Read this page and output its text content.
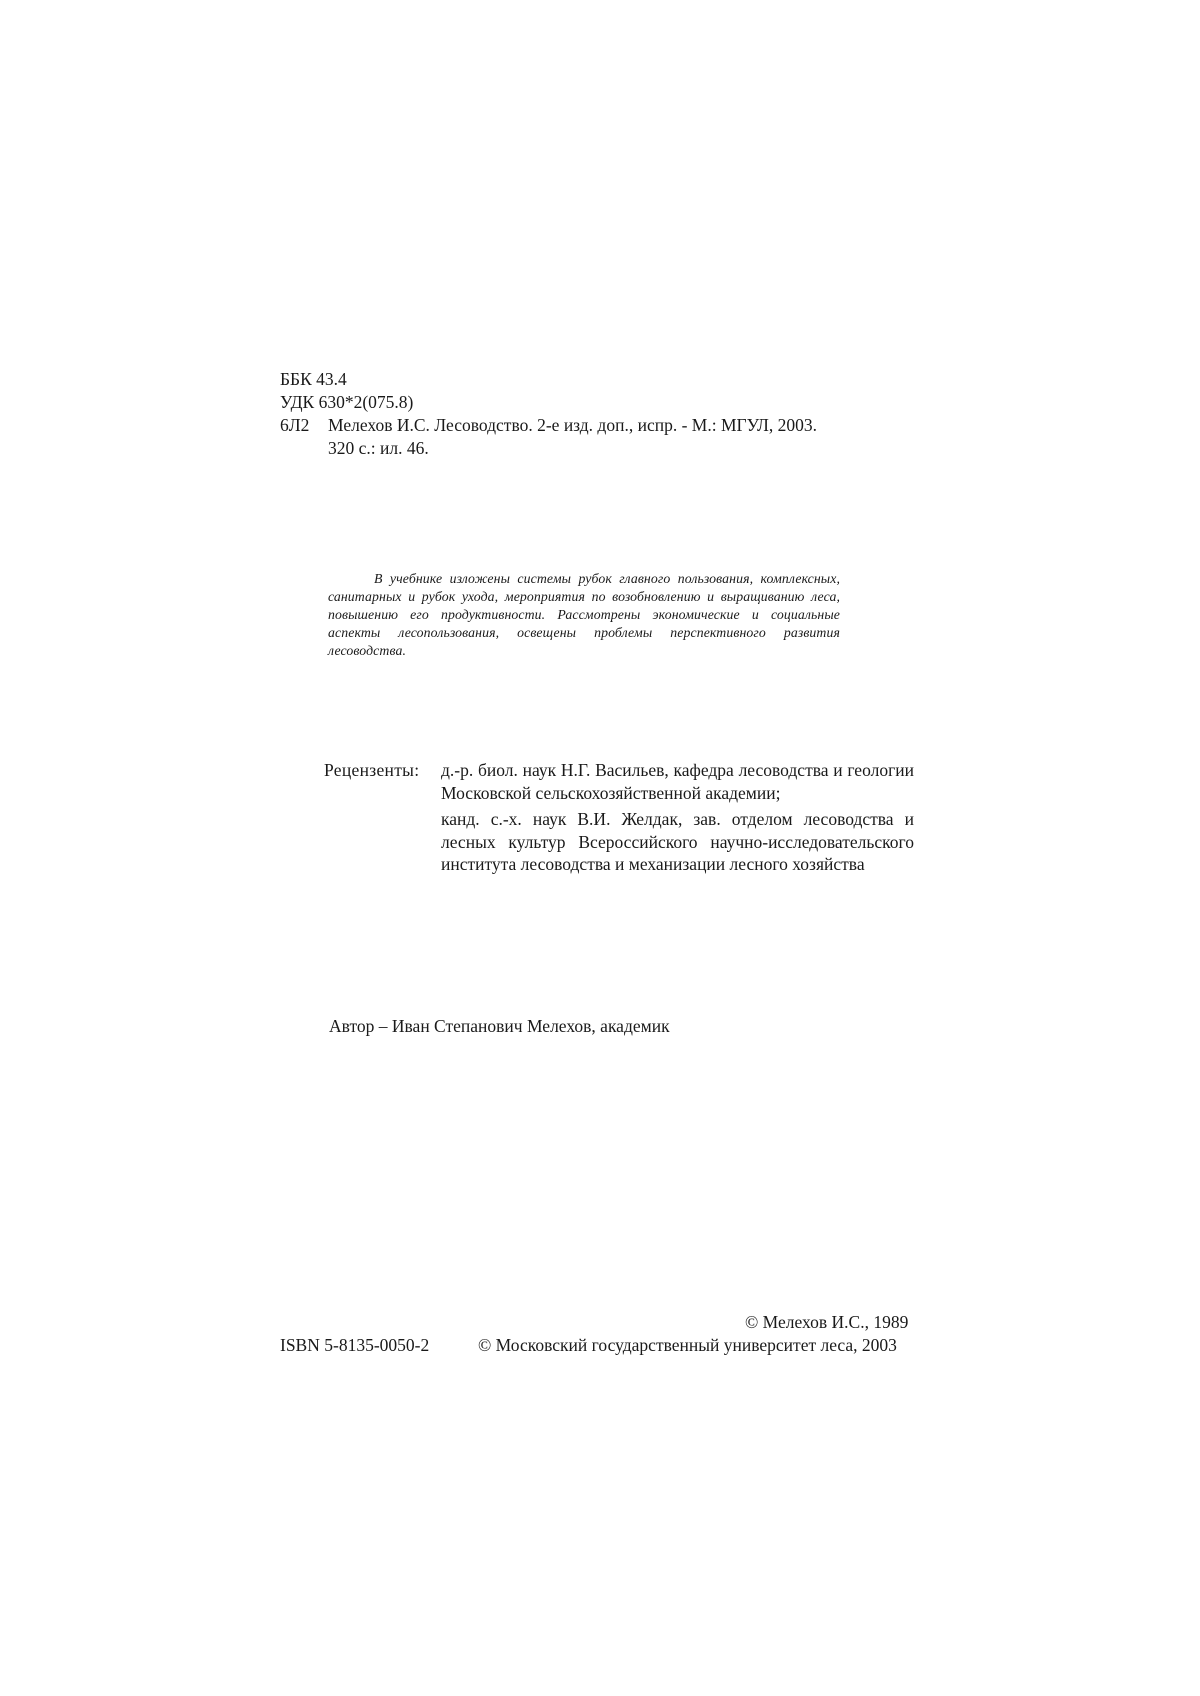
ББК 43.4
УДК 630*2(075.8)
6Л2	Мелехов И.С. Лесоводство. 2-е изд. доп., испр. - М.: МГУЛ, 2003.
320 с.: ил. 46.
В учебнике изложены системы рубок главного пользования, комплексных, санитарных и рубок ухода, мероприятия по возобновлению и выращиванию леса, повышению его продуктивности. Рассмотрены экономические и социальные аспекты лесопользования, освещены проблемы перспективного развития лесоводства.
Рецензенты:	д.-р. биол. наук Н.Г. Васильев, кафедра лесоводства и геологии Московской сельскохозяйственной академии;
канд. с.-х. наук В.И. Желдак, зав. отделом лесоводства и лесных культур Всероссийского научно-исследовательского института лесоводства и механизации лесного хозяйства
Автор – Иван Степанович Мелехов, академик
© Мелехов И.С., 1989
ISBN 5-8135-0050-2	© Московский государственный университет леса, 2003
